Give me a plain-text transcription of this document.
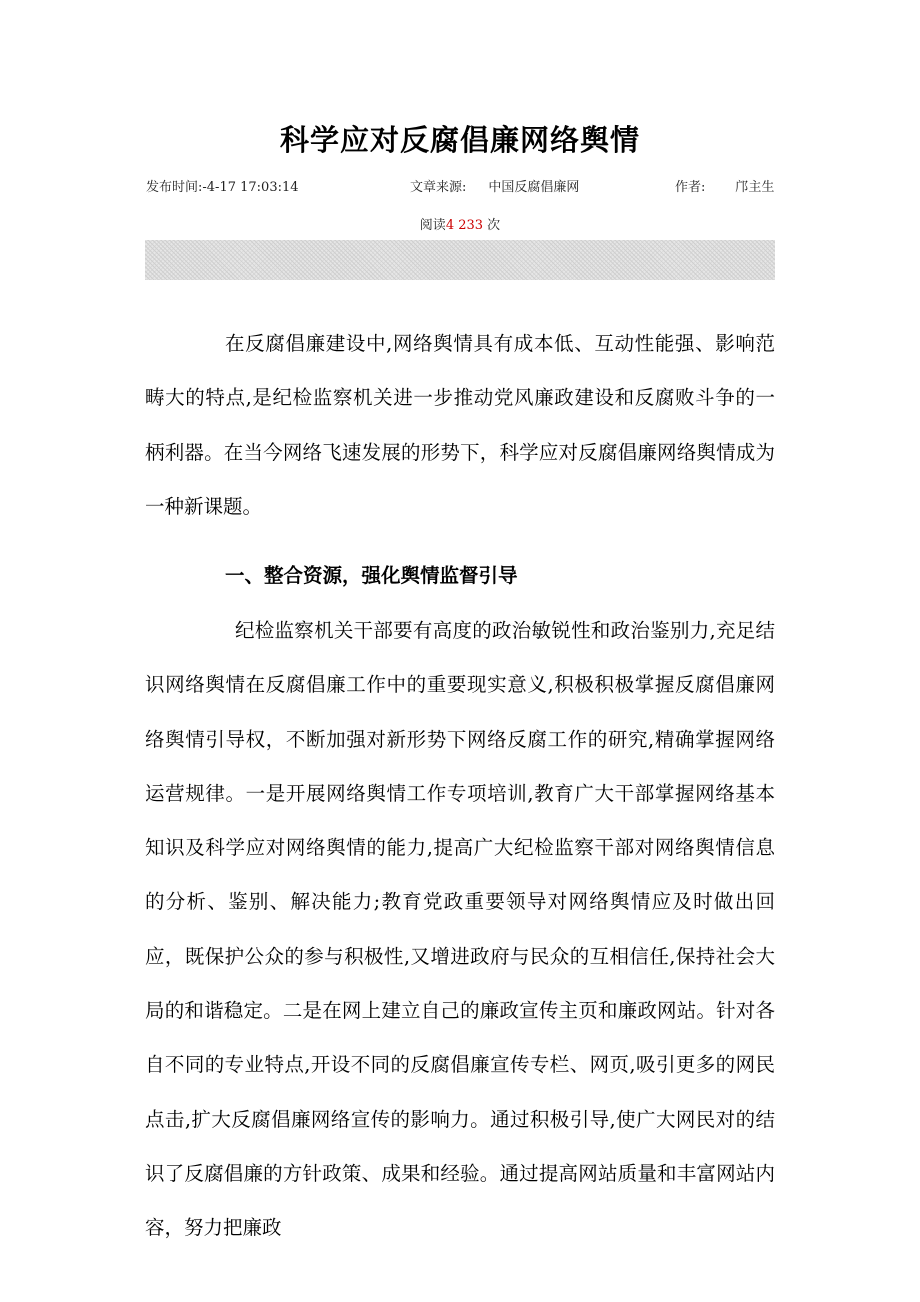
科学应对反腐倡廉网络舆情
发布时间:-4-17 17:03:14	文章来源: 中国反腐倡廉网	作者: 邝主生
阅读4 233 次
在反腐倡廉建设中,网络舆情具有成本低、互动性能强、影响范畴大的特点,是纪检监察机关进一步推动党风廉政建设和反腐败斗争的一柄利器。在当今网络飞速发展的形势下，科学应对反腐倡廉网络舆情成为一种新课题。
一、整合资源，强化舆情监督引导
纪检监察机关干部要有高度的政治敏锐性和政治鉴别力,充足结识网络舆情在反腐倡廉工作中的重要现实意义,积极积极掌握反腐倡廉网络舆情引导权，不断加强对新形势下网络反腐工作的研究,精确掌握网络运营规律。一是开展网络舆情工作专项培训,教育广大干部掌握网络基本知识及科学应对网络舆情的能力,提高广大纪检监察干部对网络舆情信息的分析、鉴别、解决能力;教育党政重要领导对网络舆情应及时做出回应，既保护公众的参与积极性,又增进政府与民众的互相信任,保持社会大局的和谐稳定。二是在网上建立自己的廉政宣传主页和廉政网站。针对各自不同的专业特点,开设不同的反腐倡廉宣传专栏、网页,吸引更多的网民点击,扩大反腐倡廉网络宣传的影响力。通过积极引导,使广大网民对的结识了反腐倡廉的方针政策、成果和经验。通过提高网站质量和丰富网站内容，努力把廉政
